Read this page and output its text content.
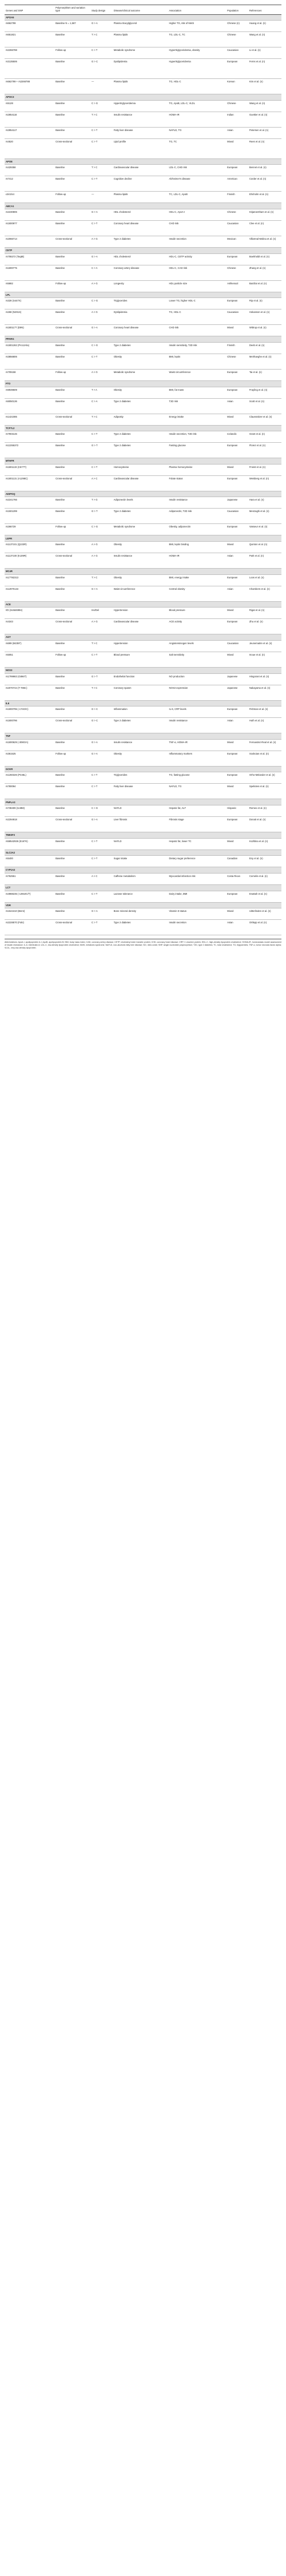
Genes and SNP	Polymorphism and variation type	Study design	Disease/clinical outcome	Association	Population	References
APOA5						
rs662799	Baseline N = 1,567	G > A	Plasma triacylglycerol	Higher TG, risk of MetS	Chinese (n)	Huang et al. (n)
rs651821	Baseline	T > C	Plasma lipids	TG, LDL-C, TC	Chinese	Wang et al. (n)
rs2266788	Follow-up	C > T	Metabolic syndrome	Hypertriglyceridemia, obesity	Caucasian	Li et al. (n)
rs3135506	Baseline	G > C	Dyslipidemia	Hypertriglyceridemia	European	Ferns et al. (n)
rs662799 + rs2266788	Baseline	—	Plasma lipids	TG, HDL-C	Korean	Kim et al. (n)
APOC3						
rs5128	Baseline	C > G	Hypertriglyceridemia	TG, ApoB, LDL-C, VLDL	Chinese	Wang et al. (n)
rs2854116	Baseline	T > C	Insulin resistance	HOMA-IR	Indian	Guettier et al. (n)
rs2854117	Baseline	C > T	Fatty liver disease	NAFLD, TG	Asian	Petersen et al. (n)
rs4520	Cross-sectional	C > T	Lipid profile	TG, TC	Mixed	Rees et al. (n)
APOE						
rs429358	Baseline	T > C	Cardiovascular disease	LDL-C, CHD risk	European	Bennet et al. (n)
rs7412	Baseline	C > T	Cognitive decline	Alzheimer's disease	American	Corder et al. (n)
ε2/ε3/ε4	Follow-up	—	Plasma lipids	TC, LDL-C, ApoB	Finnish	Ehnholm et al. (n)
ABCA1						
rs2230806	Baseline	G > A	HDL cholesterol	HDL-C, ApoA-I	Chinese	Kitjaroentham et al. (n)
rs1800977	Baseline	C > T	Coronary heart disease	CHD risk	Caucasian	Clee et al. (n)
rs2066714	Cross-sectional	A > G	Type 2 diabetes	Insulin secretion	Mexican	Villarreal-Molina et al. (n)
CETP						
rs708272 (TaqIB)	Baseline	G > A	HDL cholesterol	HDL-C, CETP activity	European	Boekholdt et al. (n)
rs1800775	Baseline	C > A	Coronary artery disease	HDL-C, CAD risk	Chinese	Zhang et al. (n)
rs5882	Follow-up	A > G	Longevity	HDL particle size	Ashkenazi	Barzilai et al. (n)
LPL						
rs328 (S447X)	Baseline	C > G	Triglycerides	Lower TG, higher HDL-C	European	Rip et al. (n)
rs268 (N291S)	Baseline	A > G	Dyslipidemia	TG, HDL-C	Caucasian	Hokanson et al. (n)
rs1801177 (D9N)	Cross-sectional	G > A	Coronary heart disease	CHD risk	Mixed	Wittrup et al. (n)
PPARG						
rs1801282 (Pro12Ala)	Baseline	C > G	Type 2 diabetes	Insulin sensitivity, T2D risk	Finnish	Deeb et al. (n)
rs3856806	Baseline	C > T	Obesity	BMI, leptin	Chinese	Meirhaeghe et al. (n)
rs709158	Follow-up	A > G	Metabolic syndrome	Waist circumference	European	Tai et al. (n)
FTO						
rs9939609	Baseline	T > A	Obesity	BMI, fat mass	European	Frayling et al. (n)
rs8050136	Baseline	C > A	Type 2 diabetes	T2D risk	Asian	Scott et al. (n)
rs1421085	Cross-sectional	T > C	Adiposity	Energy intake	Mixed	Claussnitzer et al. (n)
TCF7L2						
rs7903146	Baseline	C > T	Type 2 diabetes	Insulin secretion, T2D risk	Icelandic	Grant et al. (n)
rs12255372	Baseline	G > T	Type 2 diabetes	Fasting glucose	European	Florez et al. (n)
MTHFR						
rs1801133 (C677T)	Baseline	C > T	Homocysteine	Plasma homocysteine	Mixed	Frosst et al. (n)
rs1801131 (A1298C)	Cross-sectional	A > C	Cardiovascular disease	Folate status	European	Weisberg et al. (n)
ADIPOQ						
rs2241766	Baseline	T > G	Adiponectin levels	Insulin resistance	Japanese	Hara et al. (n)
rs1501299	Baseline	G > T	Type 2 diabetes	Adiponectin, T2D risk	Caucasian	Menzaghi et al. (n)
rs266729	Follow-up	C > G	Metabolic syndrome	Obesity, adiponectin	European	Vasseur et al. (n)
LEPR						
rs1137101 (Q223R)	Baseline	A > G	Obesity	BMI, leptin binding	Mixed	Quinton et al. (n)
rs1137100 (K109R)	Cross-sectional	A > G	Insulin resistance	HOMA-IR	Asian	Park et al. (n)
MC4R						
rs17782313	Baseline	T > C	Obesity	BMI, energy intake	European	Loos et al. (n)
rs12970134	Baseline	G > A	Waist circumference	Central obesity	Asian	Chambers et al. (n)
ACE						
I/D (rs4646994)	Baseline	Ins/Del	Hypertension	Blood pressure	Mixed	Rigat et al. (n)
rs4343	Cross-sectional	A > G	Cardiovascular disease	ACE activity	European	Zhu et al. (n)
AGT						
rs699 (M235T)	Baseline	T > C	Hypertension	Angiotensinogen levels	Caucasian	Jeunemaitre et al. (n)
rs5051	Follow-up	C > T	Blood pressure	Salt sensitivity	Mixed	Inoue et al. (n)
NOS3						
rs1799983 (G894T)	Baseline	G > T	Endothelial function	NO production	Japanese	Hingorani et al. (n)
rs2070744 (T-786C)	Baseline	T > C	Coronary spasm	NOS3 expression	Japanese	Nakayama et al. (n)
IL6						
rs1800795 (-174G/C)	Baseline	G > C	Inflammation	IL-6, CRP levels	European	Fishman et al. (n)
rs1800796	Cross-sectional	G > C	Type 2 diabetes	Insulin resistance	Asian	Huth et al. (n)
TNF						
rs1800629 (-308G/A)	Baseline	G > A	Insulin resistance	TNF-α, HOMA-IR	Mixed	Fernandez-Real et al. (n)
rs361525	Follow-up	G > A	Obesity	Inflammatory markers	European	Sookoian et al. (n)
GCKR						
rs1260326 (P446L)	Baseline	C > T	Triglycerides	TG, fasting glucose	European	Orho-Melander et al. (n)
rs780094	Baseline	C > T	Fatty liver disease	NAFLD, TG	Mixed	Speliotes et al. (n)
PNPLA3						
rs738409 (I148M)	Baseline	C > G	NAFLD	Hepatic fat, ALT	Hispanic	Romeo et al. (n)
rs2294918	Cross-sectional	G > A	Liver fibrosis	Fibrosis stage	European	Donati et al. (n)
TM6SF2						
rs58542926 (E167K)	Baseline	C > T	NAFLD	Hepatic fat, lower TC	Mixed	Kozlitina et al. (n)
SLC2A2						
rs5400	Baseline	C > T	Sugar intake	Dietary sugar preference	Canadian	Eny et al. (n)
CYP1A2						
rs762551	Baseline	A > C	Caffeine metabolism	Myocardial infarction risk	Costa Rican	Cornelis et al. (n)
LCT						
rs4988235 (-13910C/T)	Baseline	C > T	Lactose tolerance	Dairy intake, BMI	European	Enattah et al. (n)
VDR						
rs1544410 (BsmI)	Baseline	G > A	Bone mineral density	Vitamin D status	Mixed	Uitterlinden et al. (n)
rs2228570 (FokI)	Cross-sectional	C > T	Type 2 diabetes	Insulin secretion	Asian	Ortlepp et al. (n)
Abbreviations: ApoA-I, apolipoprotein A-I; ApoB, apolipoprotein B; BMI, body mass index; CAD, coronary artery disease; CETP, cholesteryl ester transfer protein; CHD, coronary heart disease; CRP, C-reactive protein; HDL-C, high-density lipoprotein cholesterol; HOMA-IR, homeostasis model assessment of insulin resistance; IL-6, interleukin-6; LDL-C, low-density lipoprotein cholesterol; MetS, metabolic syndrome; NAFLD, non-alcoholic fatty liver disease; NO, nitric oxide; SNP, single nucleotide polymorphism; T2D, type 2 diabetes; TC, total cholesterol; TG, triglycerides; TNF-α, tumor necrosis factor alpha; VLDL, very-low-density lipoprotein.
